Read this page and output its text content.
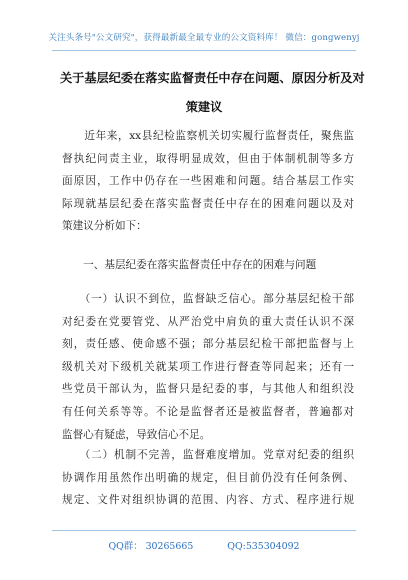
关注头条号"公文研究"，获得最新最全最专业的公文资料库！ 微信：gongwenyj
关于基层纪委在落实监督责任中存在问题、原因分析及对
策建议
　　近年来，xx县纪检监察机关切实履行监督责任，聚焦监
督执纪问责主业，取得明显成效，但由于体制机制等多方
面原因，工作中仍存在一些困难和问题。结合基层工作实
际现就基层纪委在落实监督责任中存在的困难问题以及对
策建议分析如下：
　　一、基层纪委在落实监督责任中存在的困难与问题
　　（一）认识不到位，监督缺乏信心。部分基层纪检干部
对纪委在党要管党、从严治党中肩负的重大责任认识不深
刻，责任感、使命感不强；部分基层纪检干部把监督与上
级机关对下级机关就某项工作进行督查等同起来；还有一
些党员干部认为，监督只是纪委的事，与其他人和组织没
有任何关系等等。不论是监督者还是被监督者，普遍都对
监督心有疑虑，导致信心不足。
　　（二）机制不完善，监督难度增加。党章对纪委的组织
协调作用虽然作出明确的规定，但目前仍没有任何条例、
规定、文件对组织协调的范围、内容、方式、程序进行规
QQ群： 30265665	QQ:535304092
